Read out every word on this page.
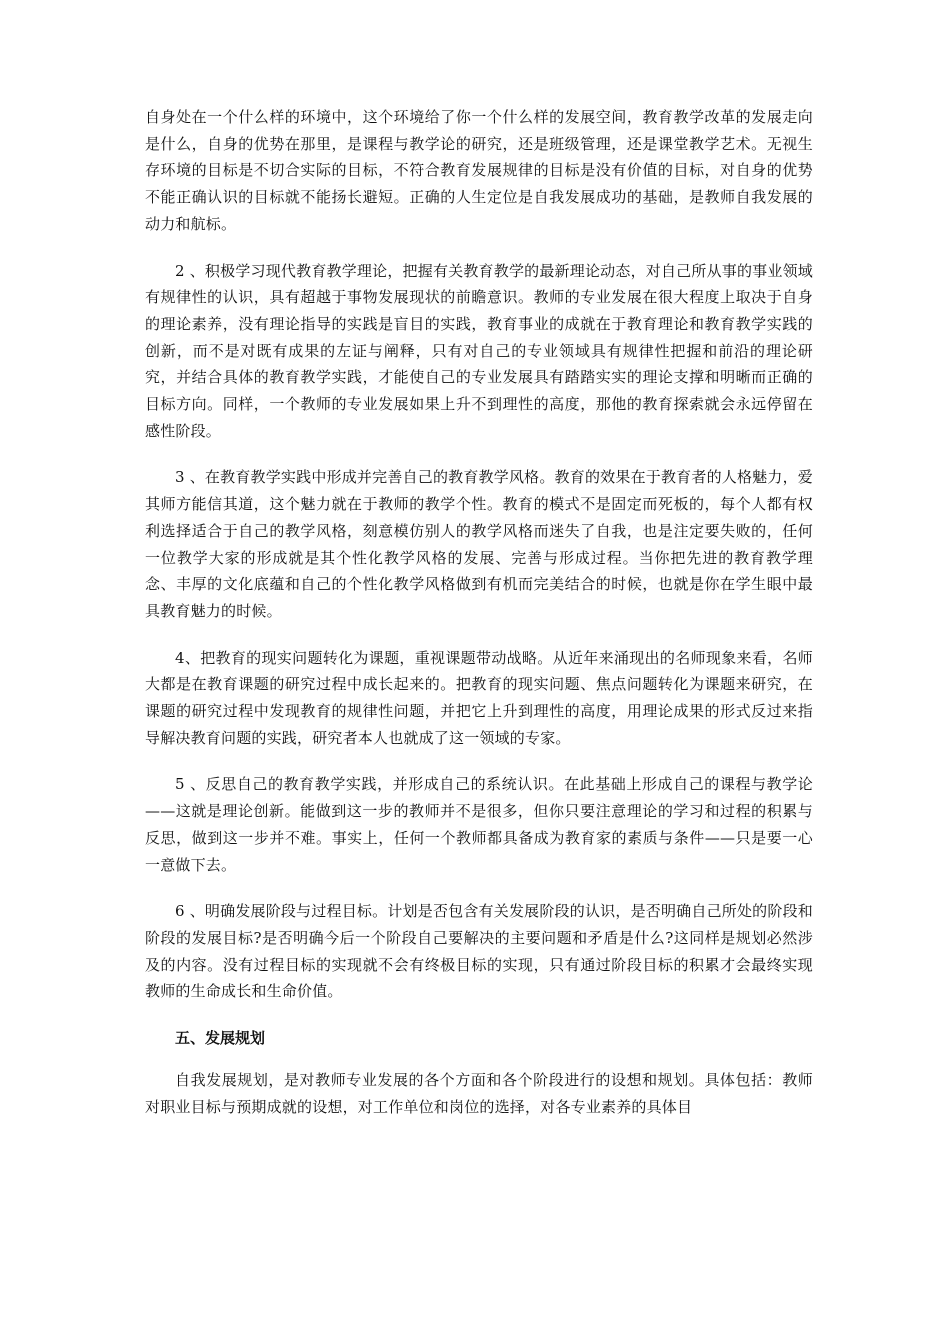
自身处在一个什么样的环境中，这个环境给了你一个什么样的发展空间，教育教学改革的发展走向是什么，自身的优势在那里，是课程与教学论的研究，还是班级管理，还是课堂教学艺术。无视生存环境的目标是不切合实际的目标，不符合教育发展规律的目标是没有价值的目标，对自身的优势不能正确认识的目标就不能扬长避短。正确的人生定位是自我发展成功的基础，是教师自我发展的动力和航标。

2 、积极学习现代教育教学理论，把握有关教育教学的最新理论动态，对自己所从事的事业领域有规律性的认识，具有超越于事物发展现状的前瞻意识。教师的专业发展在很大程度上取决于自身的理论素养，没有理论指导的实践是盲目的实践，教育事业的成就在于教育理论和教育教学实践的创新，而不是对既有成果的左证与阐释，只有对自己的专业领域具有规律性把握和前沿的理论研究，并结合具体的教育教学实践，才能使自己的专业发展具有踏踏实实的理论支撑和明晰而正确的目标方向。同样，一个教师的专业发展如果上升不到理性的高度，那他的教育探索就会永远停留在感性阶段。

3 、在教育教学实践中形成并完善自己的教育教学风格。教育的效果在于教育者的人格魅力，爱其师方能信其道，这个魅力就在于教师的教学个性。教育的模式不是固定而死板的，每个人都有权利选择适合于自己的教学风格，刻意模仿别人的教学风格而迷失了自我，也是注定要失败的，任何一位教学大家的形成就是其个性化教学风格的发展、完善与形成过程。当你把先进的教育教学理念、丰厚的文化底蕴和自己的个性化教学风格做到有机而完美结合的时候，也就是你在学生眼中最具教育魅力的时候。

4、把教育的现实问题转化为课题，重视课题带动战略。从近年来涌现出的名师现象来看，名师大都是在教育课题的研究过程中成长起来的。把教育的现实问题、焦点问题转化为课题来研究，在课题的研究过程中发现教育的规律性问题，并把它上升到理性的高度，用理论成果的形式反过来指导解决教育问题的实践，研究者本人也就成了这一领域的专家。

5 、反思自己的教育教学实践，并形成自己的系统认识。在此基础上形成自己的课程与教学论——这就是理论创新。能做到这一步的教师并不是很多，但你只要注意理论的学习和过程的积累与反思，做到这一步并不难。事实上，任何一个教师都具备成为教育家的素质与条件——只是要一心一意做下去。

6 、明确发展阶段与过程目标。计划是否包含有关发展阶段的认识，是否明确自己所处的阶段和阶段的发展目标?是否明确今后一个阶段自己要解决的主要问题和矛盾是什么?这同样是规划必然涉及的内容。没有过程目标的实现就不会有终极目标的实现，只有通过阶段目标的积累才会最终实现教师的生命成长和生命价值。

五、发展规划

自我发展规划，是对教师专业发展的各个方面和各个阶段进行的设想和规划。具体包括：教师对职业目标与预期成就的设想，对工作单位和岗位的选择，对各专业素养的具体目
